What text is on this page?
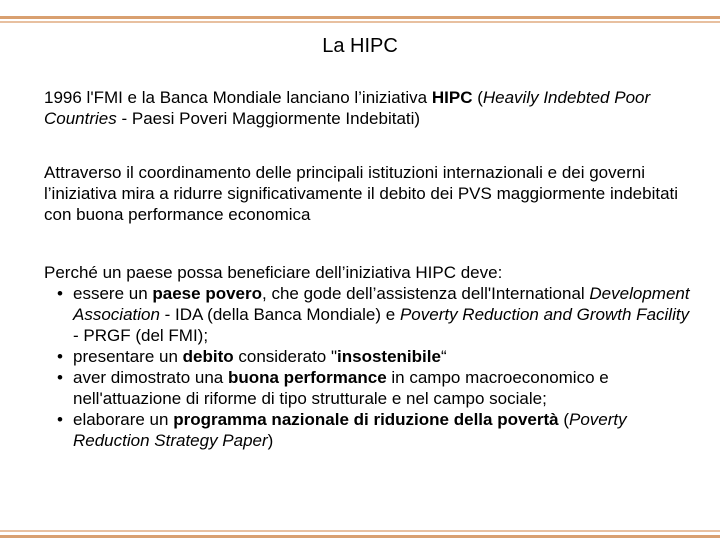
La HIPC

1996 l'FMI e la Banca Mondiale lanciano l’iniziativa HIPC (Heavily Indebted Poor Countries - Paesi Poveri Maggiormente Indebitati)

Attraverso il coordinamento delle principali istituzioni internazionali e dei governi l’iniziativa mira a ridurre significativamente il debito dei PVS maggiormente indebitati con buona performance economica

Perché un paese possa beneficiare dell’iniziativa HIPC deve:
• essere un paese povero, che gode dell’assistenza dell'International Development Association - IDA (della Banca Mondiale) e Poverty Reduction and Growth Facility - PRGF (del FMI);
• presentare un debito considerato "insostenibile“
• aver dimostrato una buona performance in campo macroeconomico e nell'attuazione di riforme di tipo strutturale e nel campo sociale;
• elaborare un programma nazionale di riduzione della povertà (Poverty Reduction Strategy Paper)
